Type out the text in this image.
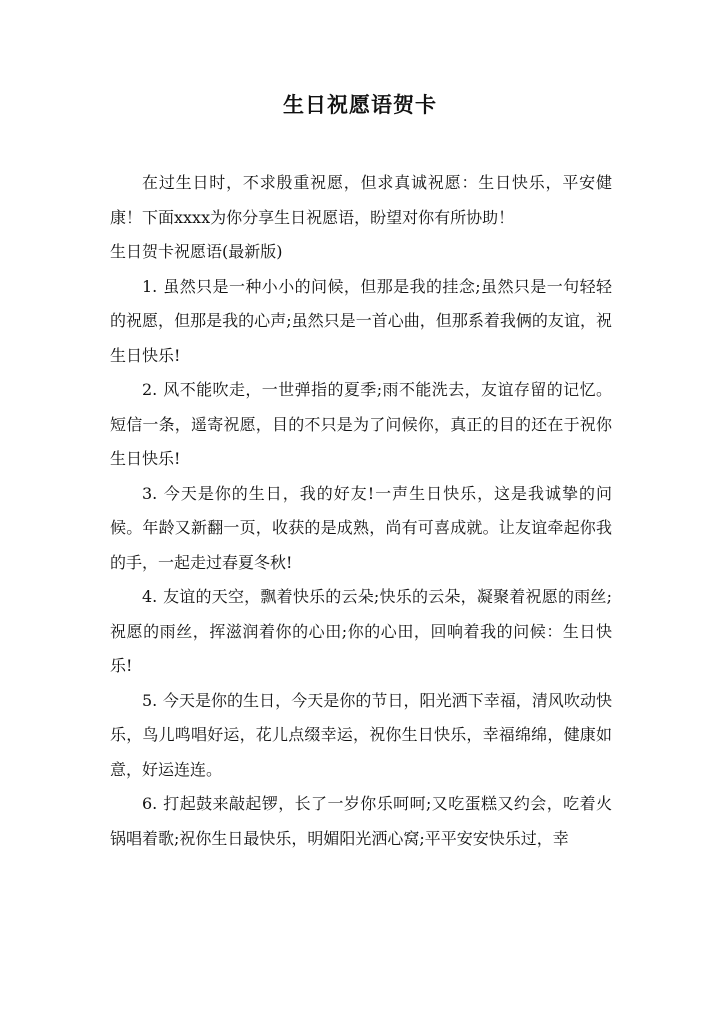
生日祝愿语贺卡

在过生日时，不求殷重祝愿，但求真诚祝愿：生日快乐，平安健康！下面xxxx为你分享生日祝愿语，盼望对你有所协助！

生日贺卡祝愿语(最新版)

1. 虽然只是一种小小的问候，但那是我的挂念;虽然只是一句轻轻的祝愿，但那是我的心声;虽然只是一首心曲，但那系着我俩的友谊，祝生日快乐!

2. 风不能吹走，一世弹指的夏季;雨不能洗去，友谊存留的记忆。短信一条，遥寄祝愿，目的不只是为了问候你，真正的目的还在于祝你生日快乐!

3. 今天是你的生日，我的好友!一声生日快乐，这是我诚挚的问候。年龄又新翻一页，收获的是成熟，尚有可喜成就。让友谊牵起你我的手，一起走过春夏冬秋!

4. 友谊的天空，飘着快乐的云朵;快乐的云朵，凝聚着祝愿的雨丝;祝愿的雨丝，挥滋润着你的心田;你的心田，回响着我的问候：生日快乐!

5. 今天是你的生日，今天是你的节日，阳光洒下幸福，清风吹动快乐，鸟儿鸣唱好运，花儿点缀幸运，祝你生日快乐，幸福绵绵，健康如意，好运连连。

6. 打起鼓来敲起锣，长了一岁你乐呵呵;又吃蛋糕又约会，吃着火锅唱着歌;祝你生日最快乐，明媚阳光洒心窝;平平安安快乐过，幸
